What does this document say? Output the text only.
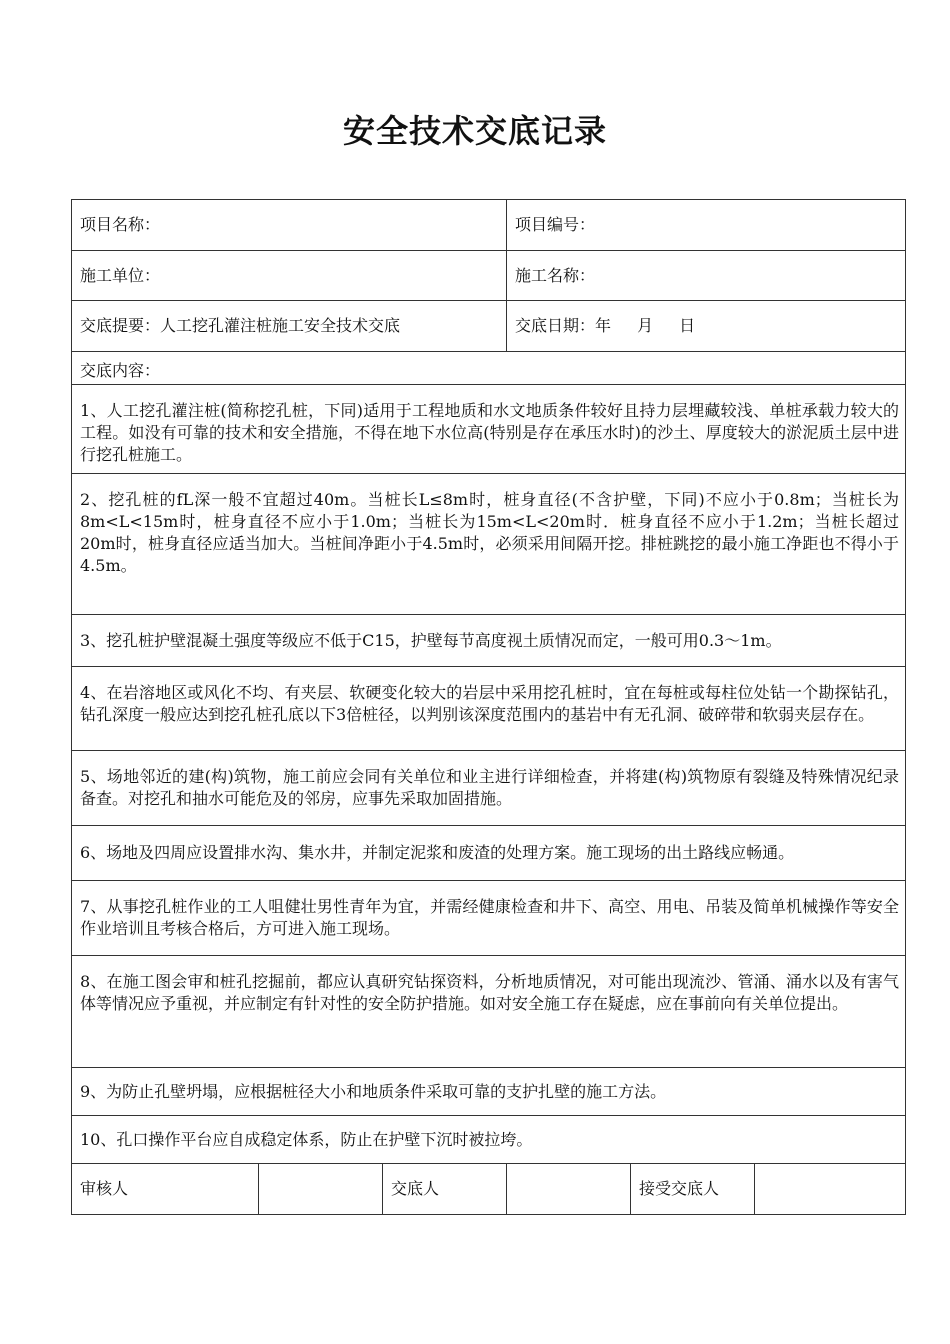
安全技术交底记录
项目名称：			项目编号：		
施工单位：			施工名称：		
交底提要：人工挖孔灌注桩施工安全技术交底			交底日期：年 月 日		
交底内容：					
1、人工挖孔灌注桩(简称挖孔桩，下同)适用于工程地质和水文地质条件较好且持力层埋藏较浅、单桩承载力较大的工程。如没有可靠的技术和安全措施，不得在地下水位高(特别是存在承压水时)的沙土、厚度较大的淤泥质土层中进行挖孔桩施工。					
2、挖孔桩的fL深一般不宜超过40m。当桩长L≤8m时，桩身直径(不含护壁，下同)不应小于0.8m；当桩长为8m<L<15m时，桩身直径不应小于1.0m；当桩长为15m<L<20m时．桩身直径不应小于1.2m；当桩长超过20m时，桩身直径应适当加大。当桩间净距小于4.5m时，必须采用间隔开挖。排桩跳挖的最小施工净距也不得小于4.5m。					
3、挖孔桩护壁混凝土强度等级应不低于C15，护壁每节高度视土质情况而定，一般可用0.3～1m。					
4、在岩溶地区或风化不均、有夹层、软硬变化较大的岩层中采用挖孔桩时，宜在每桩或每柱位处钻一个勘探钻孔，钻孔深度一般应达到挖孔桩孔底以下3倍桩径，以判别该深度范围内的基岩中有无孔洞、破碎带和软弱夹层存在。					
5、场地邻近的建(构)筑物，施工前应会同有关单位和业主进行详细检查，并将建(构)筑物原有裂缝及特殊情况纪录备查。对挖孔和抽水可能危及的邻房，应事先采取加固措施。					
6、场地及四周应设置排水沟、集水井，并制定泥浆和废渣的处理方案。施工现场的出土路线应畅通。					
7、从事挖孔桩作业的工人咀健壮男性青年为宜，并需经健康检查和井下、高空、用电、吊装及简单机械操作等安全作业培训且考核合格后，方可进入施工现场。					
8、在施工图会审和桩孔挖掘前，都应认真研究钻探资料，分析地质情况，对可能出现流沙、管涌、涌水以及有害气体等情况应予重视，并应制定有针对性的安全防护措施。如对安全施工存在疑虑，应在事前向有关单位提出。					
9、为防止孔壁坍塌，应根据桩径大小和地质条件采取可靠的支护扎壁的施工方法。					
10、孔口操作平台应自成稳定体系，防止在护壁下沉时被拉垮。					
审核人		交底人		接受交底人	
